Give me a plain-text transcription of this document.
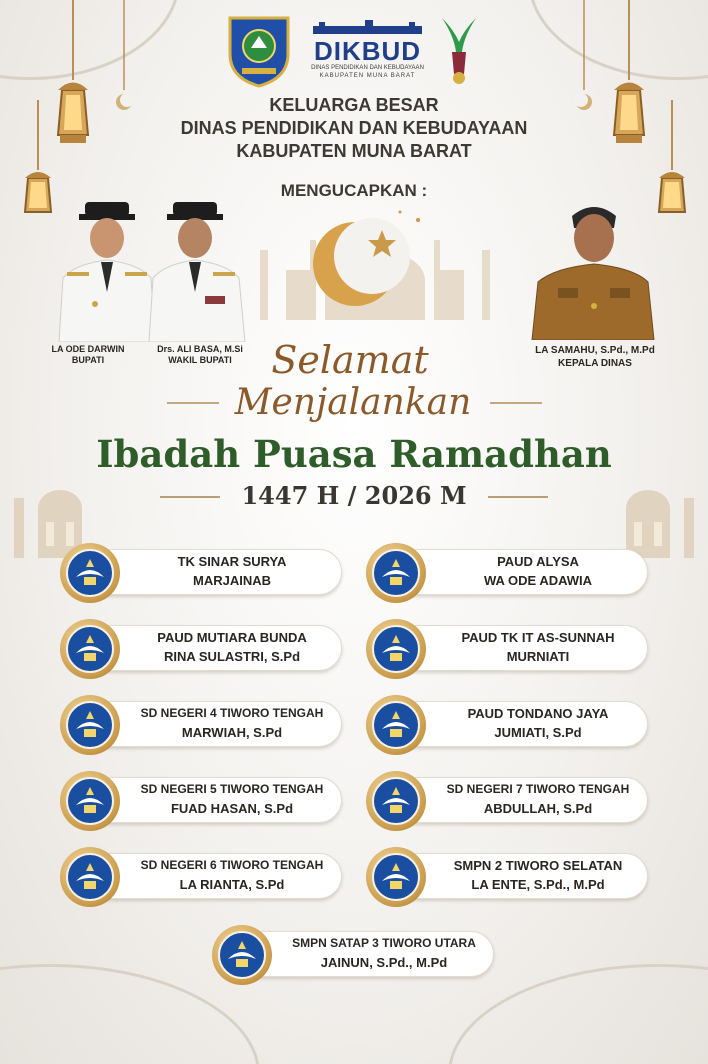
DIKBUD
DINAS PENDIDIKAN DAN KEBUDAYAAN
KABUPATEN MUNA BARAT
KELUARGA BESAR
DINAS PENDIDIKAN DAN KEBUDAYAAN
KABUPATEN MUNA BARAT
MENGUCAPKAN :
LA ODE DARWIN
BUPATI
Drs. ALI BASA, M.Si
WAKIL BUPATI
LA SAMAHU, S.Pd., M.Pd
KEPALA DINAS
Selamat
Menjalankan
Ibadah Puasa Ramadhan
1447 H / 2026 M
TK SINAR SURYA
MARJAINAB
PAUD ALYSA
WA ODE ADAWIA
PAUD MUTIARA BUNDA
RINA SULASTRI, S.Pd
PAUD TK IT AS-SUNNAH
MURNIATI
SD NEGERI 4 TIWORO TENGAH
MARWIAH, S.Pd
PAUD TONDANO JAYA
JUMIATI, S.Pd
SD NEGERI 5 TIWORO TENGAH
FUAD HASAN, S.Pd
SD NEGERI 7 TIWORO TENGAH
ABDULLAH, S.Pd
SD NEGERI 6 TIWORO TENGAH
LA RIANTA, S.Pd
SMPN 2 TIWORO SELATAN
LA ENTE, S.Pd., M.Pd
SMPN SATAP 3 TIWORO UTARA
JAINUN, S.Pd., M.Pd
